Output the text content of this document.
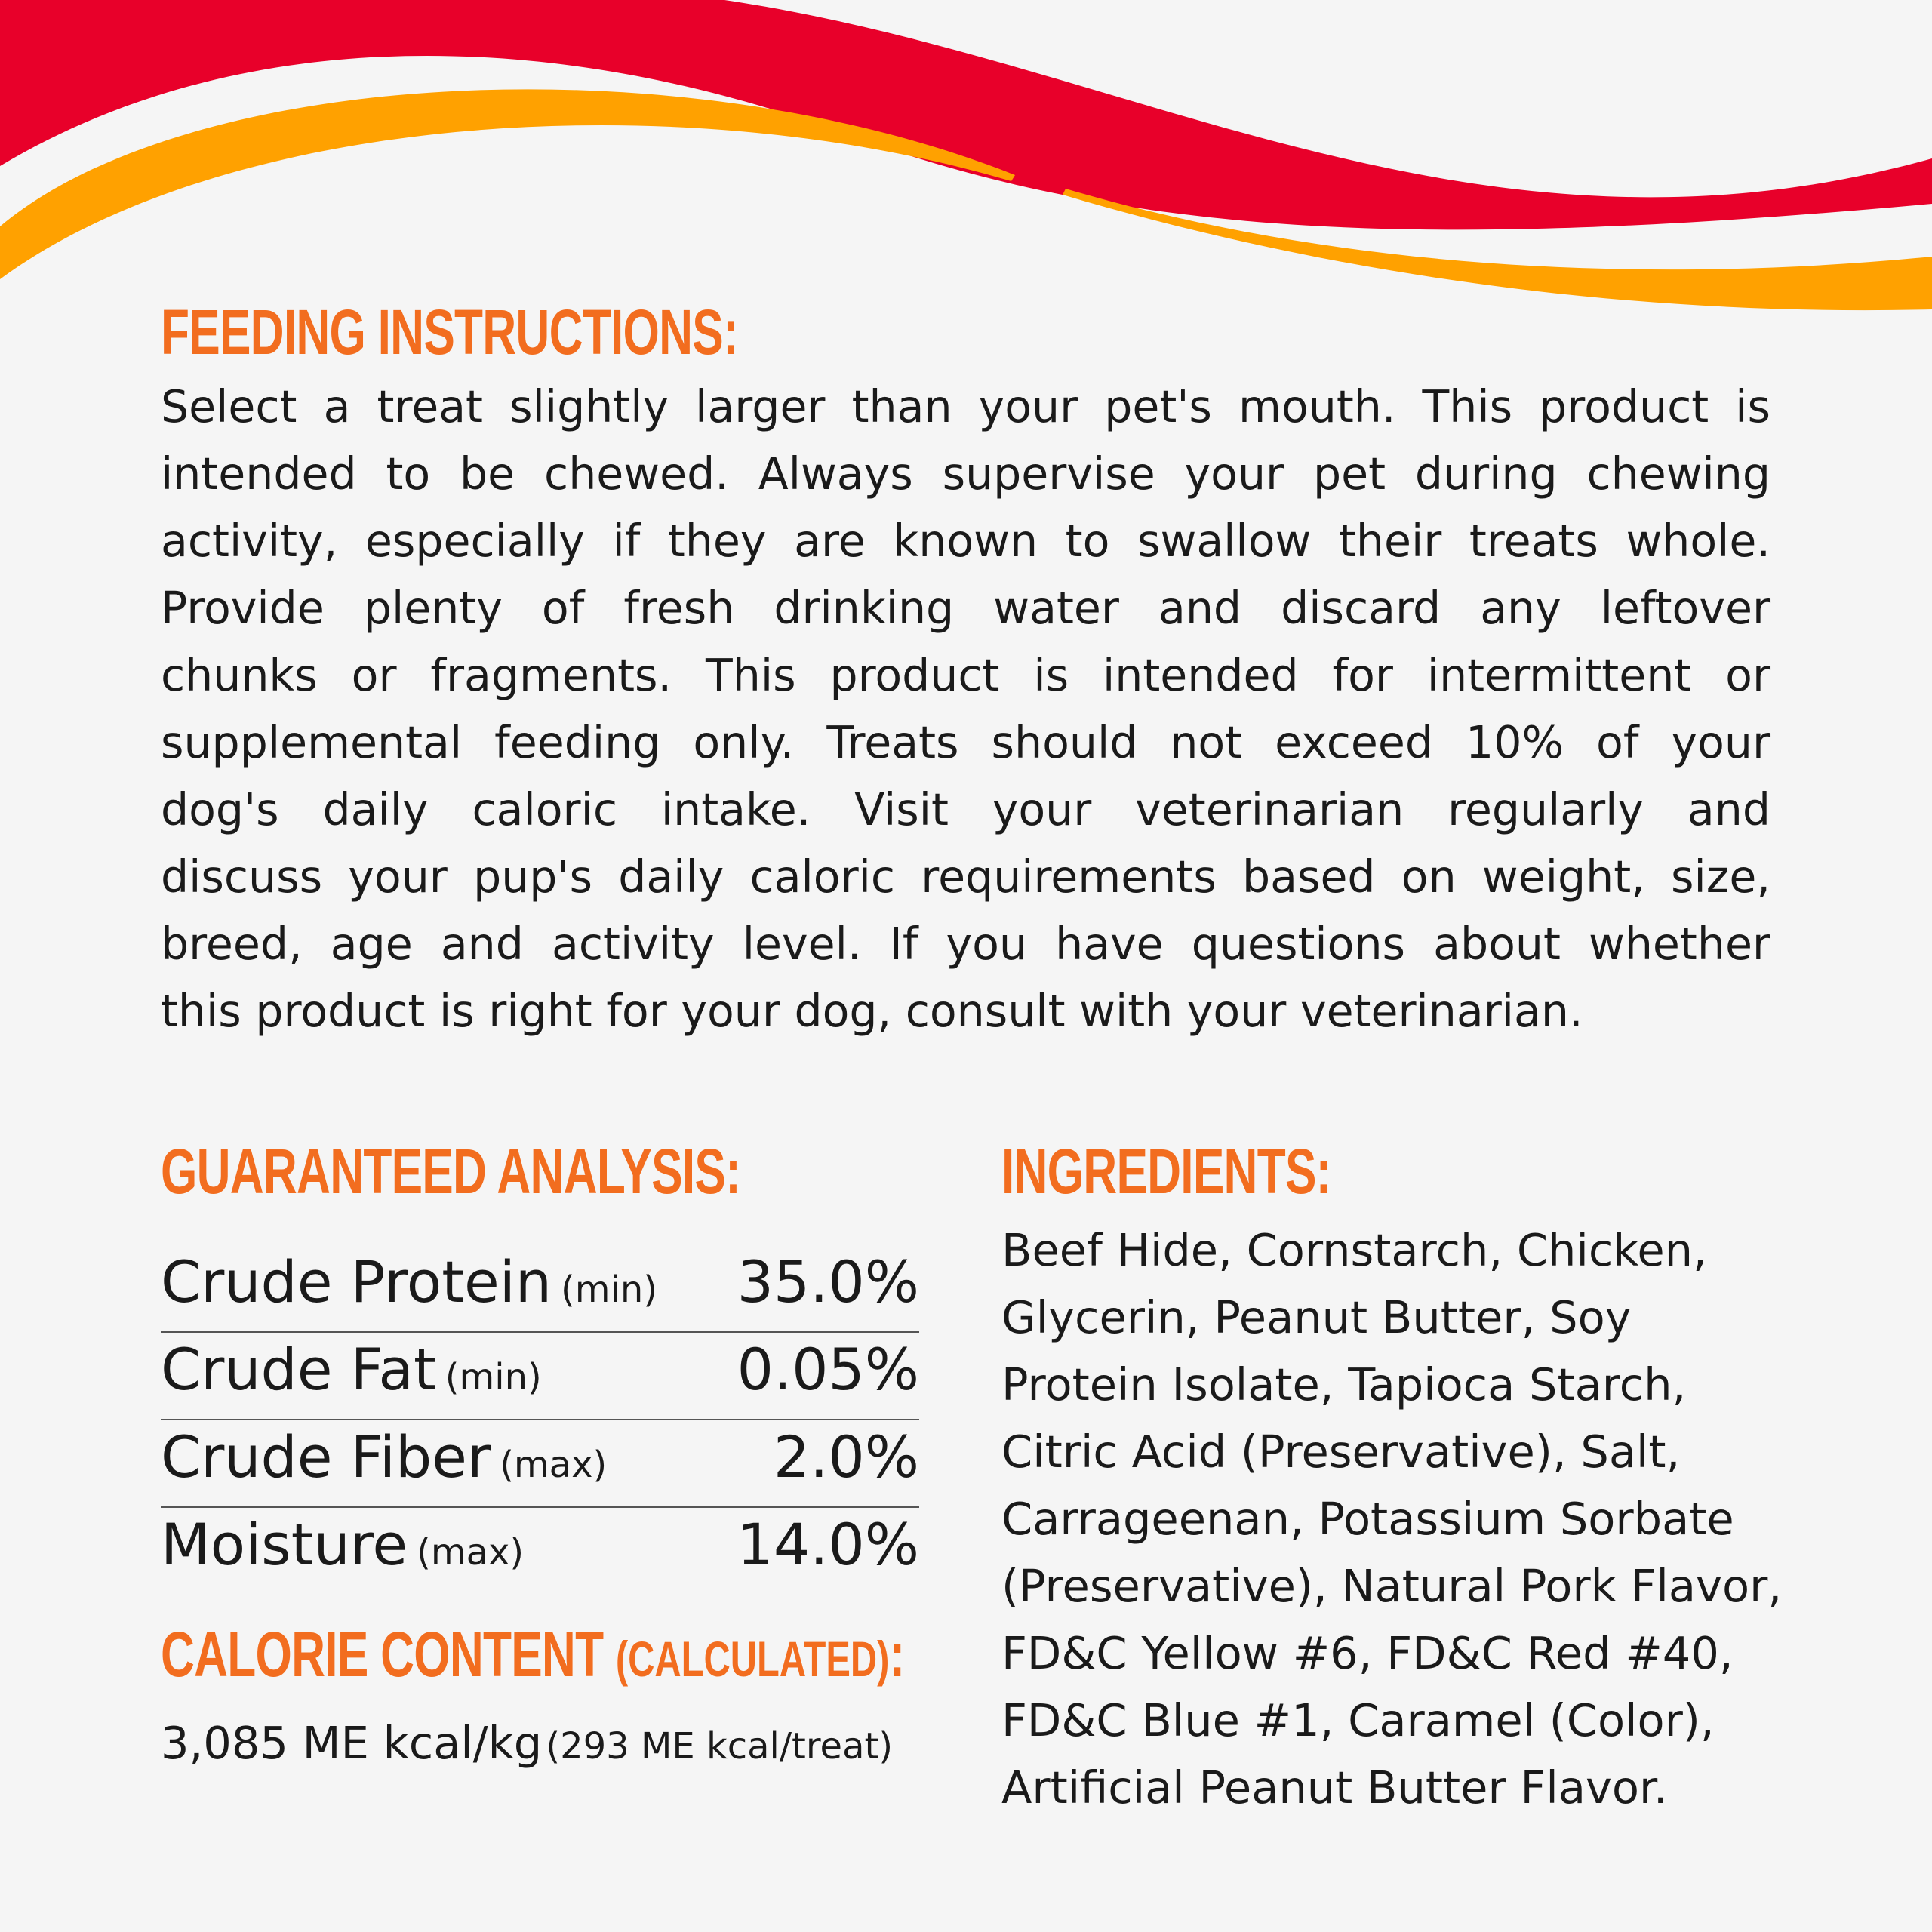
FEEDING INSTRUCTIONS:
Select a treat slightly larger than your pet's mouth. This product is
intended to be chewed. Always supervise your pet during chewing
activity, especially if they are known to swallow their treats whole.
Provide plenty of fresh drinking water and discard any leftover
chunks or fragments. This product is intended for intermittent or
supplemental feeding only. Treats should not exceed 10% of your
dog's daily caloric intake. Visit your veterinarian regularly and
discuss your pup's daily caloric requirements based on weight, size,
breed, age and activity level. If you have questions about whether
this product is right for your dog, consult with your veterinarian.
GUARANTEED ANALYSIS:
Crude Protein (min) 35.0%
Crude Fat (min)	0.05%
Crude Fiber (max)	2.0%
Moisture (max)	14.0%
CALORIE CONTENT (CALCULATED):
3,085 ME kcal/kg (293 ME kcal/treat)
INGREDIENTS:
Beef Hide, Cornstarch, Chicken,
Glycerin, Peanut Butter, Soy
Protein Isolate, Tapioca Starch,
Citric Acid (Preservative), Salt,
Carrageenan, Potassium Sorbate
(Preservative), Natural Pork Flavor,
FD&C Yellow #6, FD&C Red #40,
FD&C Blue #1, Caramel (Color),
Artificial Peanut Butter Flavor.
